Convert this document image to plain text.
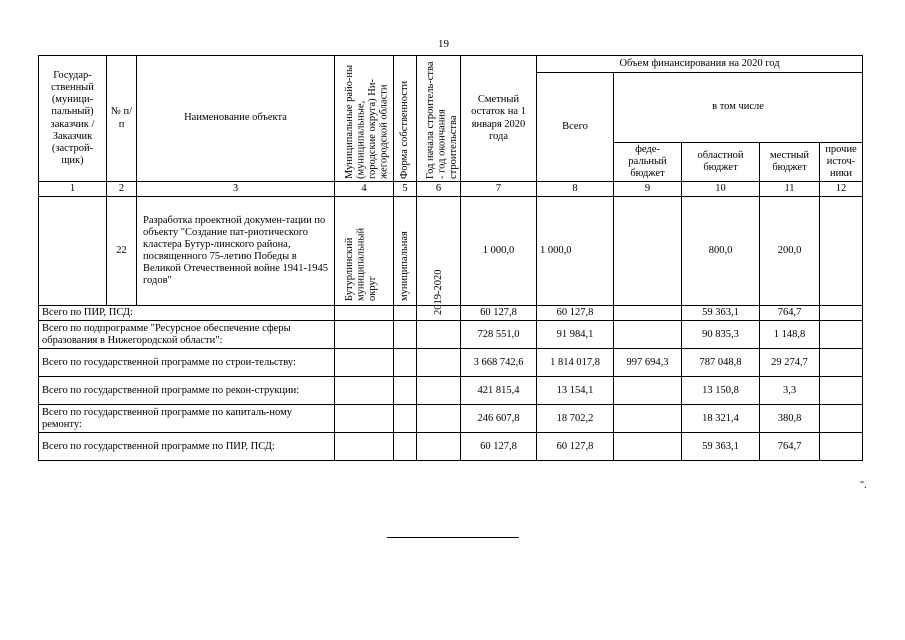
19
Государ-ственный (муници-пальный) заказчик / Заказчик (застрой-щик)	№ п/п	Наименование объекта	Муниципальные райо-ны (муниципальные, городские округа) Ни-жегородской области	Форма собственности	Год начала строитель-ства - год окончания строительства	Сметный остаток на 1 января 2020 года	Объем финансирования на 2020 год				
							Всего	в том числе			
								феде-ральный бюджет	областной бюджет	местный бюджет	прочие источ-ники
1	2	3	4	5	6	7	8	9	10	11	12
	22	Разработка проектной докумен-тации по объекту "Создание пат-риотического кластера Бутур-линского района, посвященного 75-летию Победы в Великой Отечественной войне 1941-1945 годов"	Бутурлинский муниципальный округ	муниципальная	2019-2020	1 000,0	1 000,0		800,0	200,0	
Всего по ПИР, ПСД:						60 127,8	60 127,8		59 363,1	764,7	
Всего по подпрограмме "Ресурсное обеспечение сферы образования в Нижегородской области":						728 551,0	91 984,1		90 835,3	1 148,8	
Всего по государственной программе по строи-тельству:						3 668 742,6	1 814 017,8	997 694,3	787 048,8	29 274,7	
Всего по государственной программе по рекон-струкции:						421 815,4	13 154,1		13 150,8	3,3	
Всего по государственной программе по капиталь-ному ремонту:						246 607,8	18 702,2		18 321,4	380,8	
Всего по государственной программе по ПИР, ПСД:						60 127,8	60 127,8		59 363,1	764,7	
".
